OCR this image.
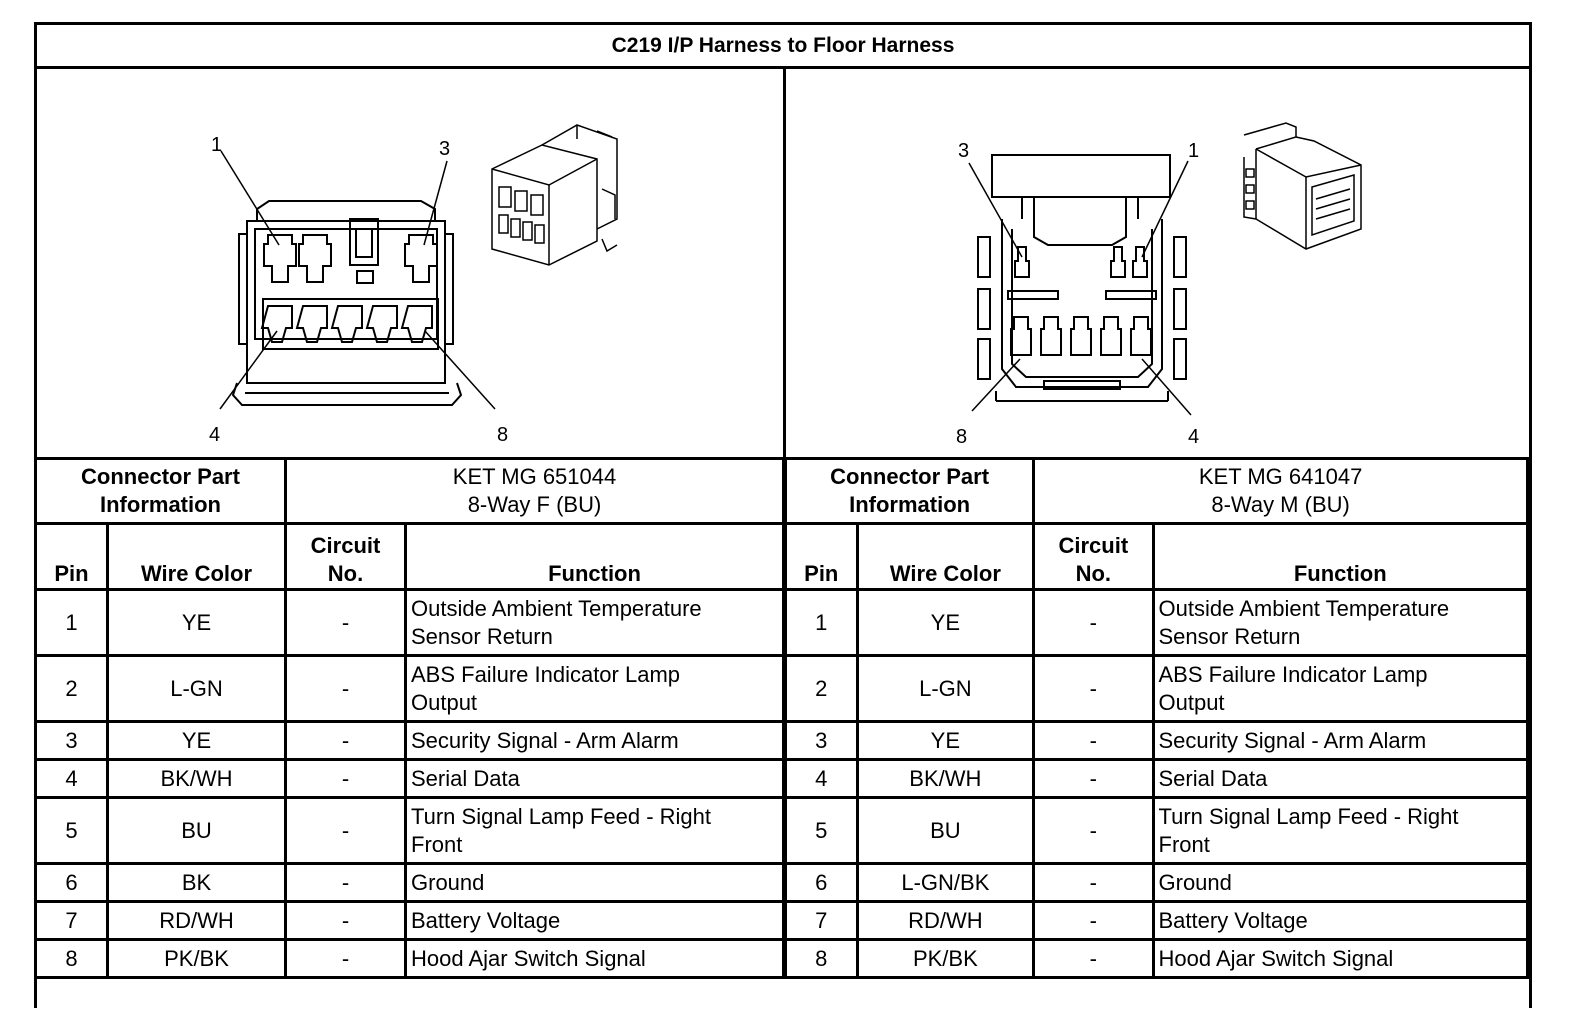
C219 I/P Harness to Floor Harness
1	3
4	8
3	1
8	4
Connector Part
Information		KET MG 651044
8-Way F (BU)	

Pin	Wire Color	Circuit
No.	Function
1	YE	-	Outside Ambient Temperature
Sensor Return

2	L-GN	-	ABS Failure Indicator Lamp
Output

3	YE	-	Security Signal - Arm Alarm
4	BK/WH	-	Serial Data
5	BU	-	Turn Signal Lamp Feed - Right
Front

6	BK	-	Ground
7	RD/WH	-	Battery Voltage
8	PK/BK	-	Hood Ajar Switch Signal
Connector Part
Information		KET MG 641047
8-Way M (BU)	

Pin	Wire Color	Circuit
No.	Function
1	YE	-	Outside Ambient Temperature
Sensor Return

2	L-GN	-	ABS Failure Indicator Lamp
Output

3	YE	-	Security Signal - Arm Alarm
4	BK/WH	-	Serial Data
5	BU	-	Turn Signal Lamp Feed - Right
Front

6	L-GN/BK	-	Ground
7	RD/WH	-	Battery Voltage
8	PK/BK	-	Hood Ajar Switch Signal
